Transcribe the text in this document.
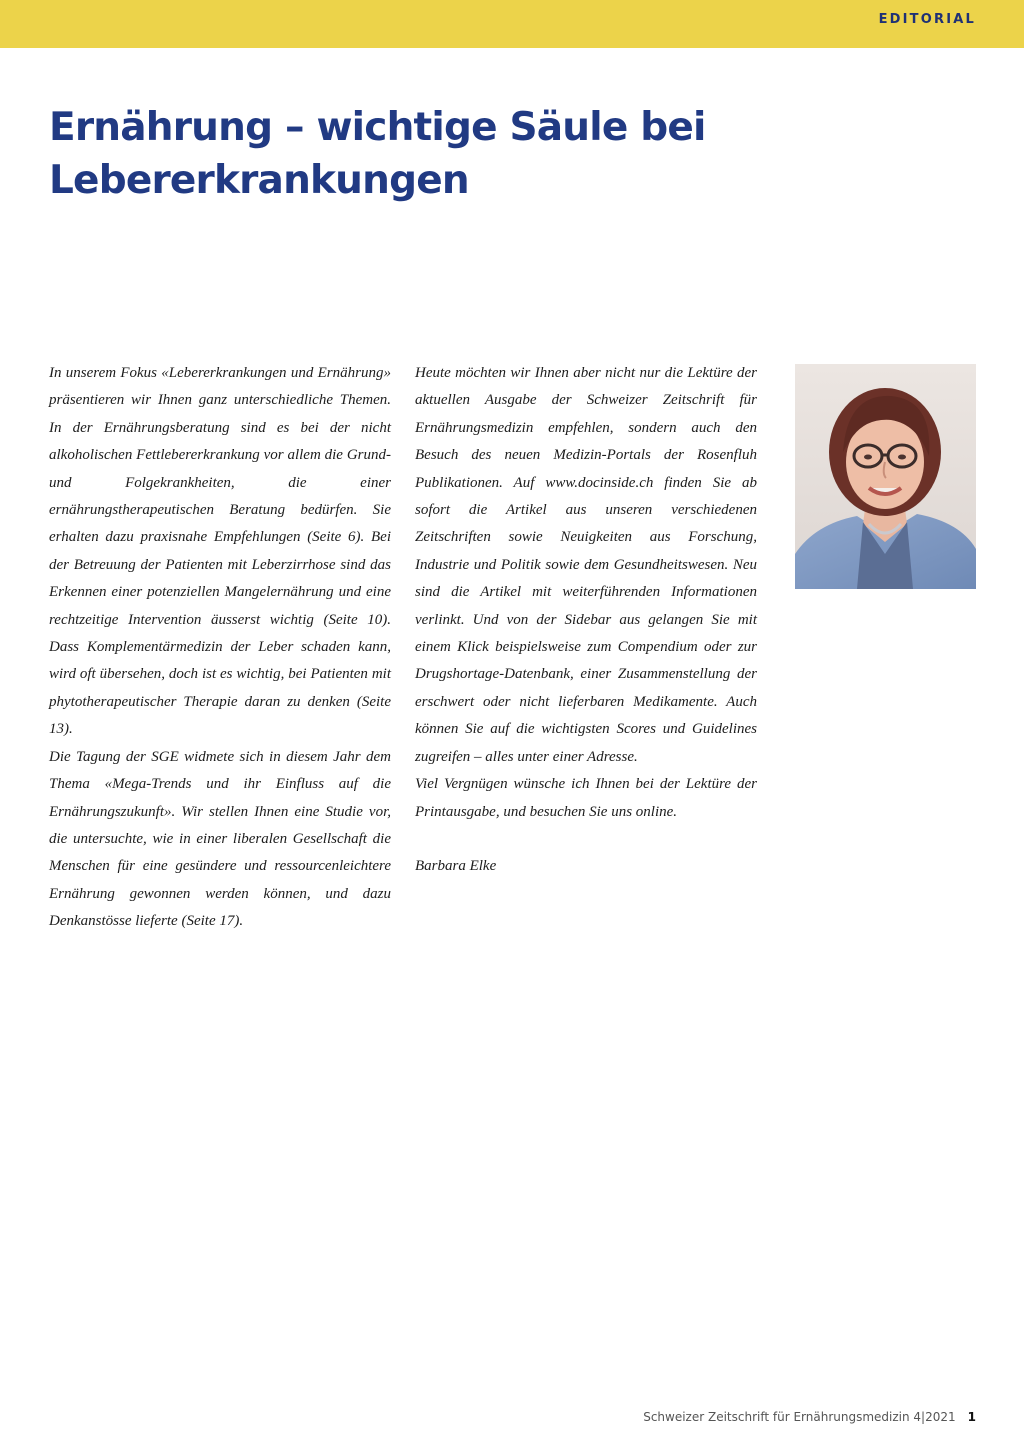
EDITORIAL
Ernährung – wichtige Säule bei Lebererkrankungen

In unserem Fokus «Lebererkrankungen und Ernährung» präsentieren wir Ihnen ganz unterschiedliche Themen. In der Ernährungsberatung sind es bei der nicht alkoholischen Fettlebererkrankung vor allem die Grund- und Folgekrankheiten, die einer ernährungstherapeutischen Beratung bedürfen. Sie erhalten dazu praxisnahe Empfehlungen (Seite 6). Bei der Betreuung der Patienten mit Leberzirrhose sind das Erkennen einer potenziellen Mangelernährung und eine rechtzeitige Intervention äusserst wichtig (Seite 10). Dass Komplementärmedizin der Leber schaden kann, wird oft übersehen, doch ist es wichtig, bei Patienten mit phytotherapeutischer Therapie daran zu denken (Seite 13).

Die Tagung der SGE widmete sich in diesem Jahr dem Thema «Mega-Trends und ihr Einfluss auf die Ernährungszukunft». Wir stellen Ihnen eine Studie vor, die untersuchte, wie in einer liberalen Gesellschaft die Menschen für eine gesündere und ressourcenleichtere Ernährung gewonnen werden können, und dazu Denkanstösse lieferte (Seite 17).

Heute möchten wir Ihnen aber nicht nur die Lektüre der aktuellen Ausgabe der Schweizer Zeitschrift für Ernährungsmedizin empfehlen, sondern auch den Besuch des neuen Medizin-Portals der Rosenfluh Publikationen. Auf www.docinside.ch finden Sie ab sofort die Artikel aus unseren verschiedenen Zeitschriften sowie Neuigkeiten aus Forschung, Industrie und Politik sowie dem Gesundheitswesen. Neu sind die Artikel mit weiterführenden Informationen verlinkt. Und von der Sidebar aus gelangen Sie mit einem Klick beispielsweise zum Compendium oder zur Drugshortage-Datenbank, einer Zusammenstellung der erschwert oder nicht lieferbaren Medikamente. Auch können Sie auf die wichtigsten Scores und Guidelines zugreifen – alles unter einer Adresse.

Viel Vergnügen wünsche ich Ihnen bei der Lektüre der Printausgabe, und besuchen Sie uns online.

Barbara Elke

Schweizer Zeitschrift für Ernährungsmedizin 4|2021 1
